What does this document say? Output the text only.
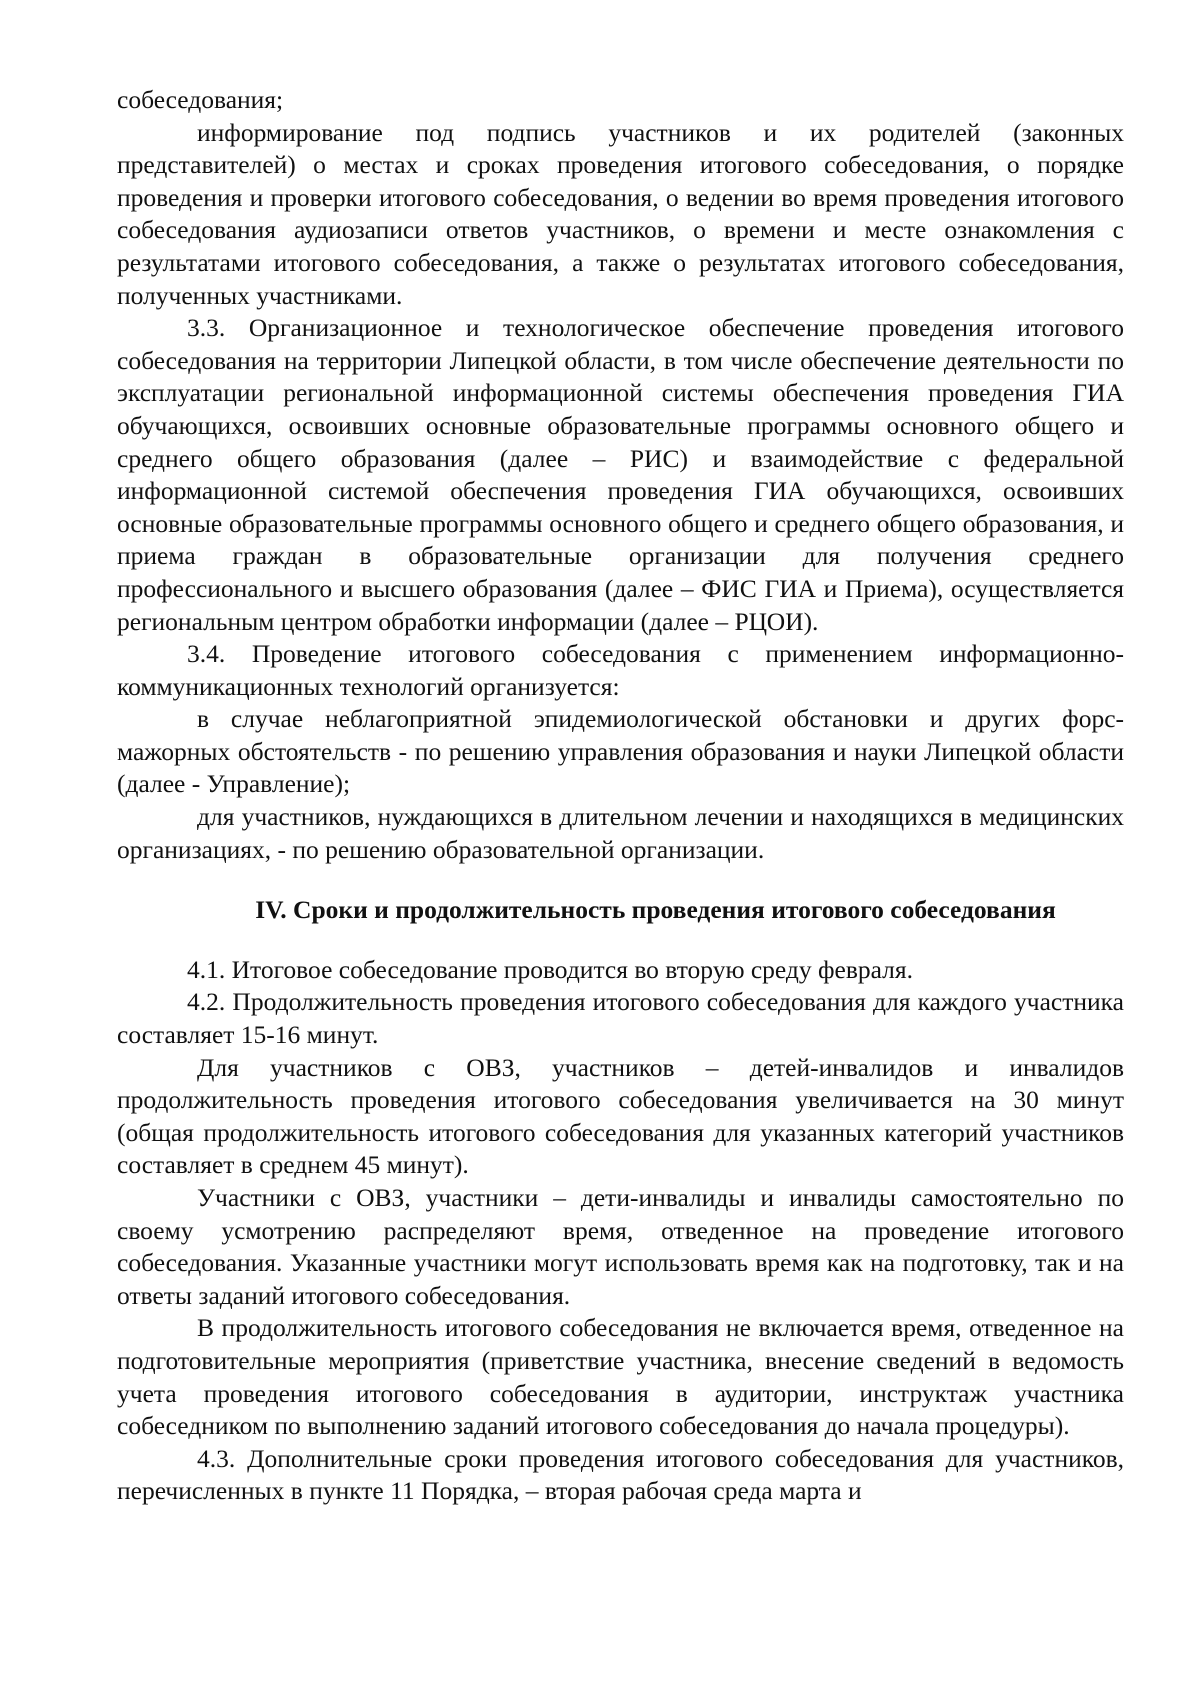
собеседования;

информирование под подпись участников и их родителей (законных представителей) о местах и сроках проведения итогового собеседования, о порядке проведения и проверки итогового собеседования, о ведении во время проведения итогового собеседования аудиозаписи ответов участников, о времени и месте ознакомления с результатами итогового собеседования, а также о результатах итогового собеседования, полученных участниками.

3.3. Организационное и технологическое обеспечение проведения итогового собеседования на территории Липецкой области, в том числе обеспечение деятельности по эксплуатации региональной информационной системы обеспечения проведения ГИА обучающихся, освоивших основные образовательные программы основного общего и среднего общего образования (далее – РИС) и взаимодействие с федеральной информационной системой обеспечения проведения ГИА обучающихся, освоивших основные образовательные программы основного общего и среднего общего образования, и приема граждан в образовательные организации для получения среднего профессионального и высшего образования (далее – ФИС ГИА и Приема), осуществляется региональным центром обработки информации (далее – РЦОИ).

3.4. Проведение итогового собеседования с применением информационно-коммуникационных технологий организуется:

в случае неблагоприятной эпидемиологической обстановки и других форс-мажорных обстоятельств - по решению управления образования и науки Липецкой области (далее - Управление);

для участников, нуждающихся в длительном лечении и находящихся в медицинских организациях, - по решению образовательной организации.

IV. Сроки и продолжительность проведения итогового собеседования

4.1. Итоговое собеседование проводится во вторую среду февраля.

4.2. Продолжительность проведения итогового собеседования для каждого участника составляет 15-16 минут.

Для участников с ОВЗ, участников – детей-инвалидов и инвалидов продолжительность проведения итогового собеседования увеличивается на 30 минут (общая продолжительность итогового собеседования для указанных категорий участников составляет в среднем 45 минут).

Участники с ОВЗ, участники – дети-инвалиды и инвалиды самостоятельно по своему усмотрению распределяют время, отведенное на проведение итогового собеседования. Указанные участники могут использовать время как на подготовку, так и на ответы заданий итогового собеседования.

В продолжительность итогового собеседования не включается время, отведенное на подготовительные мероприятия (приветствие участника, внесение сведений в ведомость учета проведения итогового собеседования в аудитории, инструктаж участника собеседником по выполнению заданий итогового собеседования до начала процедуры).

4.3. Дополнительные сроки проведения итогового собеседования для участников, перечисленных в пункте 11 Порядка, – вторая рабочая среда марта и
